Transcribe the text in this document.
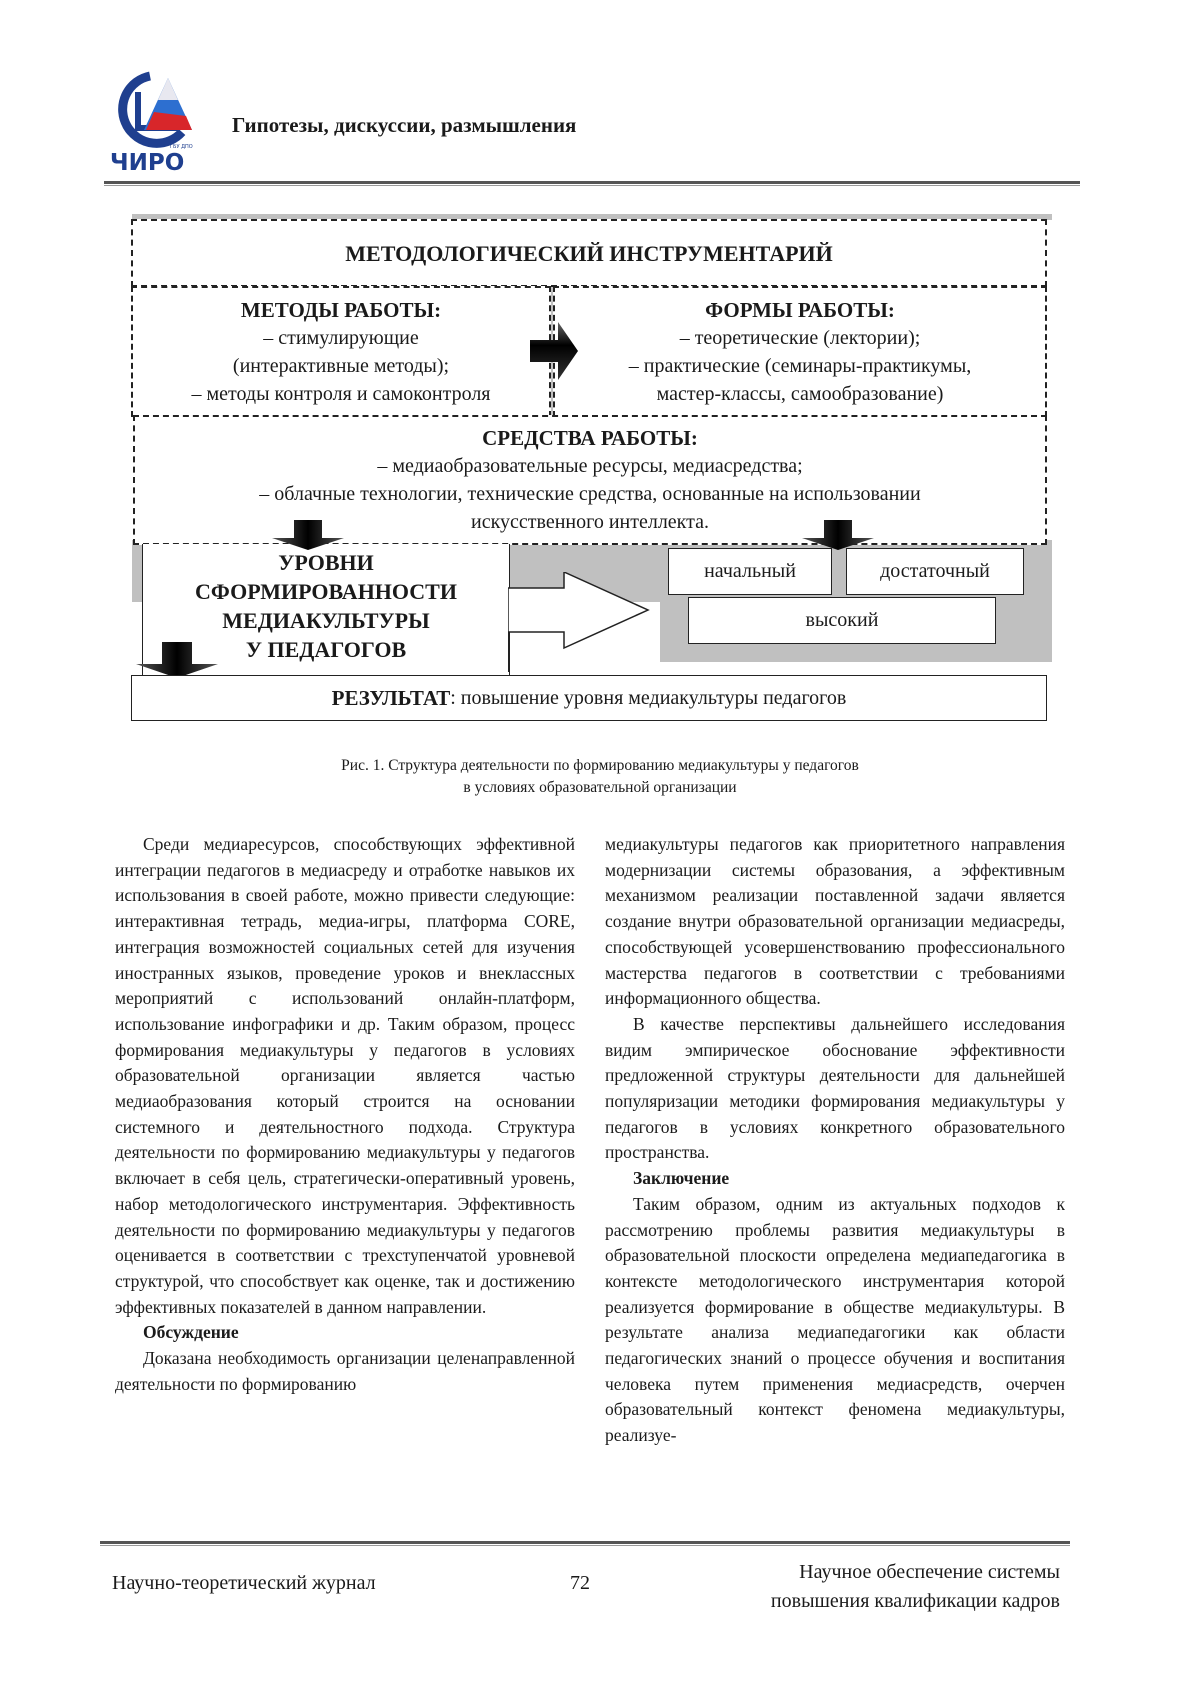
ГБУ ДПО
ЧИРО
Гипотезы, дискуссии, размышления
МЕТОДОЛОГИЧЕСКИЙ ИНСТРУМЕНТАРИЙ
МЕТОДЫ РАБОТЫ:
– стимулирующие
(интерактивные методы);
– методы контроля и самоконтроля
ФОРМЫ РАБОТЫ:
– теоретические (лектории);
– практические (семинары-практикумы,
мастер-классы, самообразование)
СРЕДСТВА РАБОТЫ:
– медиаобразовательные ресурсы, медиасредства;
– облачные технологии, технические средства, основанные на использовании
искусственного интеллекта.
УРОВНИ
СФОРМИРОВАННОСТИ
МЕДИАКУЛЬТУРЫ
У ПЕДАГОГОВ
начальный	достаточный
высокий
РЕЗУЛЬТАТ : повышение уровня медиакультуры педагогов
Рис. 1. Структура деятельности по формированию медиакультуры у педагогов
в условиях образовательной организации

Среди медиаресурсов, способствующих эффективной интеграции педагогов в медиасреду и отработке навыков их использования в своей работе, можно привести следующие: интерактивная тетрадь, медиа-игры, платформа CORE, интеграция возможностей социальных сетей для изучения иностранных языков, проведение уроков и внеклассных мероприятий с использований онлайн-платформ, использование инфографики и др. Таким образом, процесс формирования медиакультуры у педагогов в условиях образовательной организации является частью медиаобразования который строится на основании системного и деятельностного подхода. Структура деятельности по формированию медиакультуры у педагогов включает в себя цель, стратегически-оперативный уровень, набор методологического инструментария. Эффективность деятельности по формированию медиакультуры у педагогов оценивается в соответствии с трехступенчатой уровневой структурой, что способствует как оценке, так и достижению эффективных показателей в данном направлении.

Обсуждение

Доказана необходимость организации целенаправленной деятельности по формированию

медиакультуры педагогов как приоритетного направления модернизации системы образования, а эффективным механизмом реализации поставленной задачи является создание внутри образовательной организации медиасреды, способствующей усовершенствованию профессионального мастерства педагогов в соответствии с требованиями информационного общества.

В качестве перспективы дальнейшего исследования видим эмпирическое обоснование эффективности предложенной структуры деятельности для дальнейшей популяризации методики формирования медиакультуры у педагогов в условиях конкретного образовательного пространства.

Заключение

Таким образом, одним из актуальных подходов к рассмотрению проблемы развития медиакультуры в образовательной плоскости определена медиапедагогика в контексте методологического инструментария которой реализуется формирование в обществе медиакультуры. В результате анализа медиапедагогики как области педагогических знаний о процессе обучения и воспитания человека путем применения медиасредств, очерчен образовательный контекст феномена медиакультуры, реализуе-

Научно-теоретический журнал	72	Научное обеспечение системы
повышения квалификации кадров
